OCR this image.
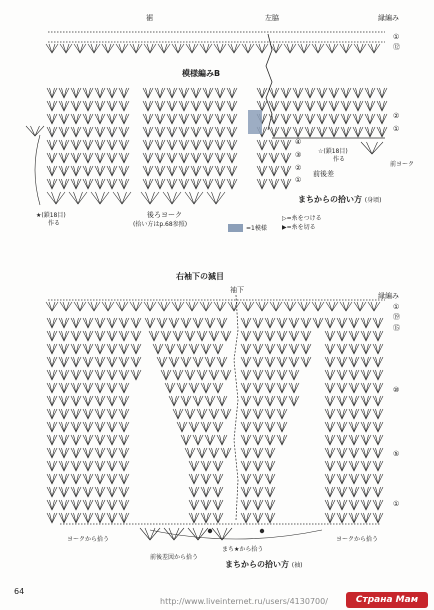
裾	左脇	縁編み
模様編みB
①
⑫
②
①
④
③
②
①
☆(鎖18目)
作る
前ヨーク
前後差
まちからの拾い方 (身頃)
★(鎖18目)
作る
後ろヨーク
(拾い方はp.68参照)
=1模様
▷=糸をつける
▶=糸を切る
右袖下の減目
袖下
縁編み
①
⑲
⑮
⑩
⑤
①
ヨークから拾う	ヨークから拾う
前後差図から拾う
まち★から拾う
まちからの拾い方 (袖)
64
http://www.liveinternet.ru/users/4130700/	Страна Мам
